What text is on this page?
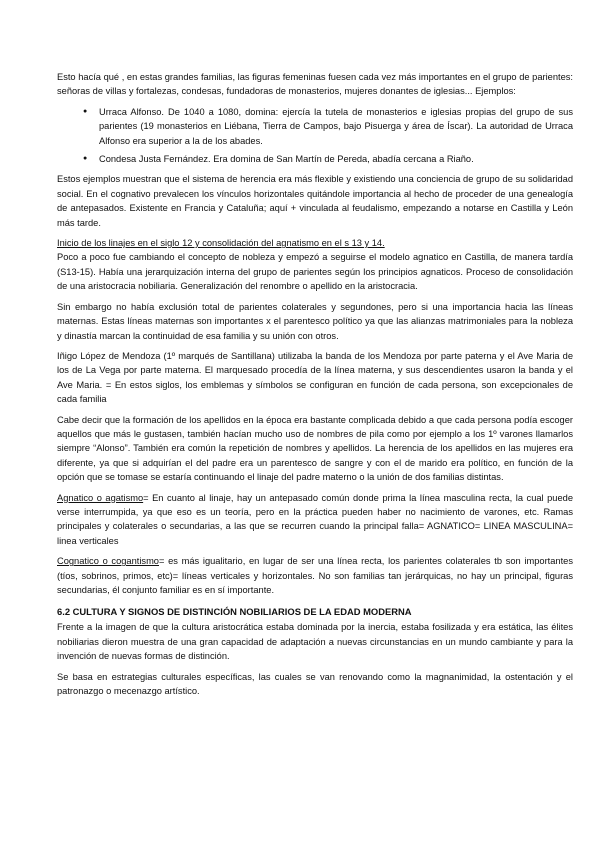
Esto hacía qué , en estas grandes familias, las figuras femeninas fuesen cada vez más importantes en el grupo de parientes: señoras de villas y fortalezas, condesas, fundadoras de monasterios, mujeres donantes de iglesias... Ejemplos:

● Urraca Alfonso. De 1040 a 1080, domina: ejercía la tutela de monasterios e iglesias propias del grupo de sus parientes (19 monasterios en Liébana, Tierra de Campos, bajo Pisuerga y área de Íscar). La autoridad de Urraca Alfonso era superior a la de los abades.
● Condesa Justa Fernández. Era domina de San Martín de Pereda, abadía cercana a Riaño.

Estos ejemplos muestran que el sistema de herencia era más flexible y existiendo una conciencia de grupo de su solidaridad social. En el cognativo prevalecen los vínculos horizontales quitándole importancia al hecho de proceder de una genealogía de antepasados. Existente en Francia y Cataluña; aquí + vinculada al feudalismo, empezando a notarse en Castilla y León más tarde.

Inicio de los linajes en el siglo 12 y consolidación del agnatismo en el s 13 y 14.

Poco a poco fue cambiando el concepto de nobleza y empezó a seguirse el modelo agnatico en Castilla, de manera tardía (S13-15). Había una jerarquización interna del grupo de parientes según los principios agnaticos. Proceso de consolidación de una aristocracia nobiliaria. Generalización del renombre o apellido en la aristocracia.

Sin embargo no había exclusión total de parientes colaterales y segundones, pero si una importancia hacia las líneas maternas. Estas líneas maternas son importantes x el parentesco político ya que las alianzas matrimoniales para la nobleza y dinastía marcan la continuidad de esa familia y su unión con otros.

Iñigo López de Mendoza (1º marqués de Santillana) utilizaba la banda de los Mendoza por parte paterna y el Ave Maria de los de La Vega por parte materna. El marquesado procedía de la línea materna, y sus descendientes usaron la banda y el Ave Maria. = En estos siglos, los emblemas y símbolos se configuran en función de cada persona, son excepcionales de cada familia

Cabe decir que la formación de los apellidos en la época era bastante complicada debido a que cada persona podía escoger aquellos que más le gustasen, también hacían mucho uso de nombres de pila como por ejemplo a los 1º varones llamarlos siempre “Alonso”. También era común la repetición de nombres y apellidos. La herencia de los apellidos en las mujeres era diferente, ya que si adquirían el del padre era un parentesco de sangre y con el de marido era político, en función de la opción que se tomase se estaría continuando el linaje del padre materno o la unión de dos familias distintas.

Agnatico o agatismo= En cuanto al linaje, hay un antepasado común donde prima la línea masculina recta, la cual puede verse interrumpida, ya que eso es un teoría, pero en la práctica pueden haber no nacimiento de varones, etc. Ramas principales y colaterales o secundarias, a las que se recurren cuando la principal falla= AGNATICO= LINEA MASCULINA= linea verticales

Cognatico o cogantismo= es más igualitario, en lugar de ser una línea recta, los parientes colaterales tb son importantes (tíos, sobrinos, primos, etc)= líneas verticales y horizontales. No son familias tan jerárquicas, no hay un principal, figuras secundarias, él conjunto familiar es en sí importante.

6.2 CULTURA Y SIGNOS DE DISTINCIÓN NOBILIARIOS DE LA EDAD MODERNA

Frente a la imagen de que la cultura aristocrática estaba dominada por la inercia, estaba fosilizada y era estática, las élites nobiliarias dieron muestra de una gran capacidad de adaptación a nuevas circunstancias en un mundo cambiante y para la invención de nuevas formas de distinción.

Se basa en estrategias culturales específicas, las cuales se van renovando como la magnanimidad, la ostentación y el patronazgo o mecenazgo artístico.
